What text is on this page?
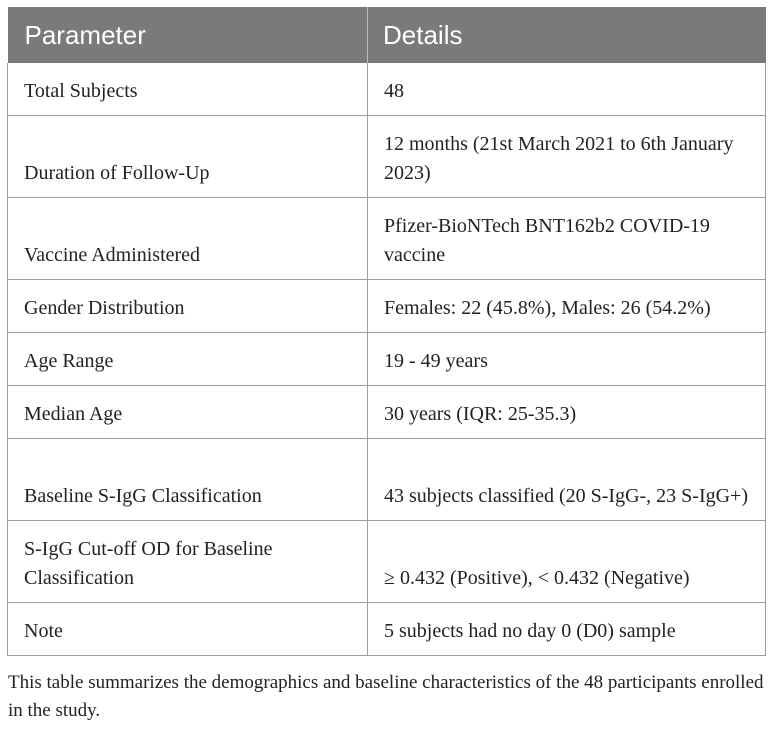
Parameter	Details
Total Subjects	48
Duration of Follow-Up	12 months (21st March 2021 to 6th January 2023)
Vaccine Administered	Pfizer-BioNTech BNT162b2 COVID-19 vaccine
Gender Distribution	Females: 22 (45.8%), Males: 26 (54.2%)
Age Range	19 - 49 years
Median Age	30 years (IQR: 25-35.3)
Baseline S-IgG Classification	43 subjects classified (20 S-IgG-, 23 S-IgG+)
S-IgG Cut-off OD for Baseline Classification	≥ 0.432 (Positive), < 0.432 (Negative)
Note	5 subjects had no day 0 (D0) sample

This table summarizes the demographics and baseline characteristics of the 48 participants enrolled in the study.
